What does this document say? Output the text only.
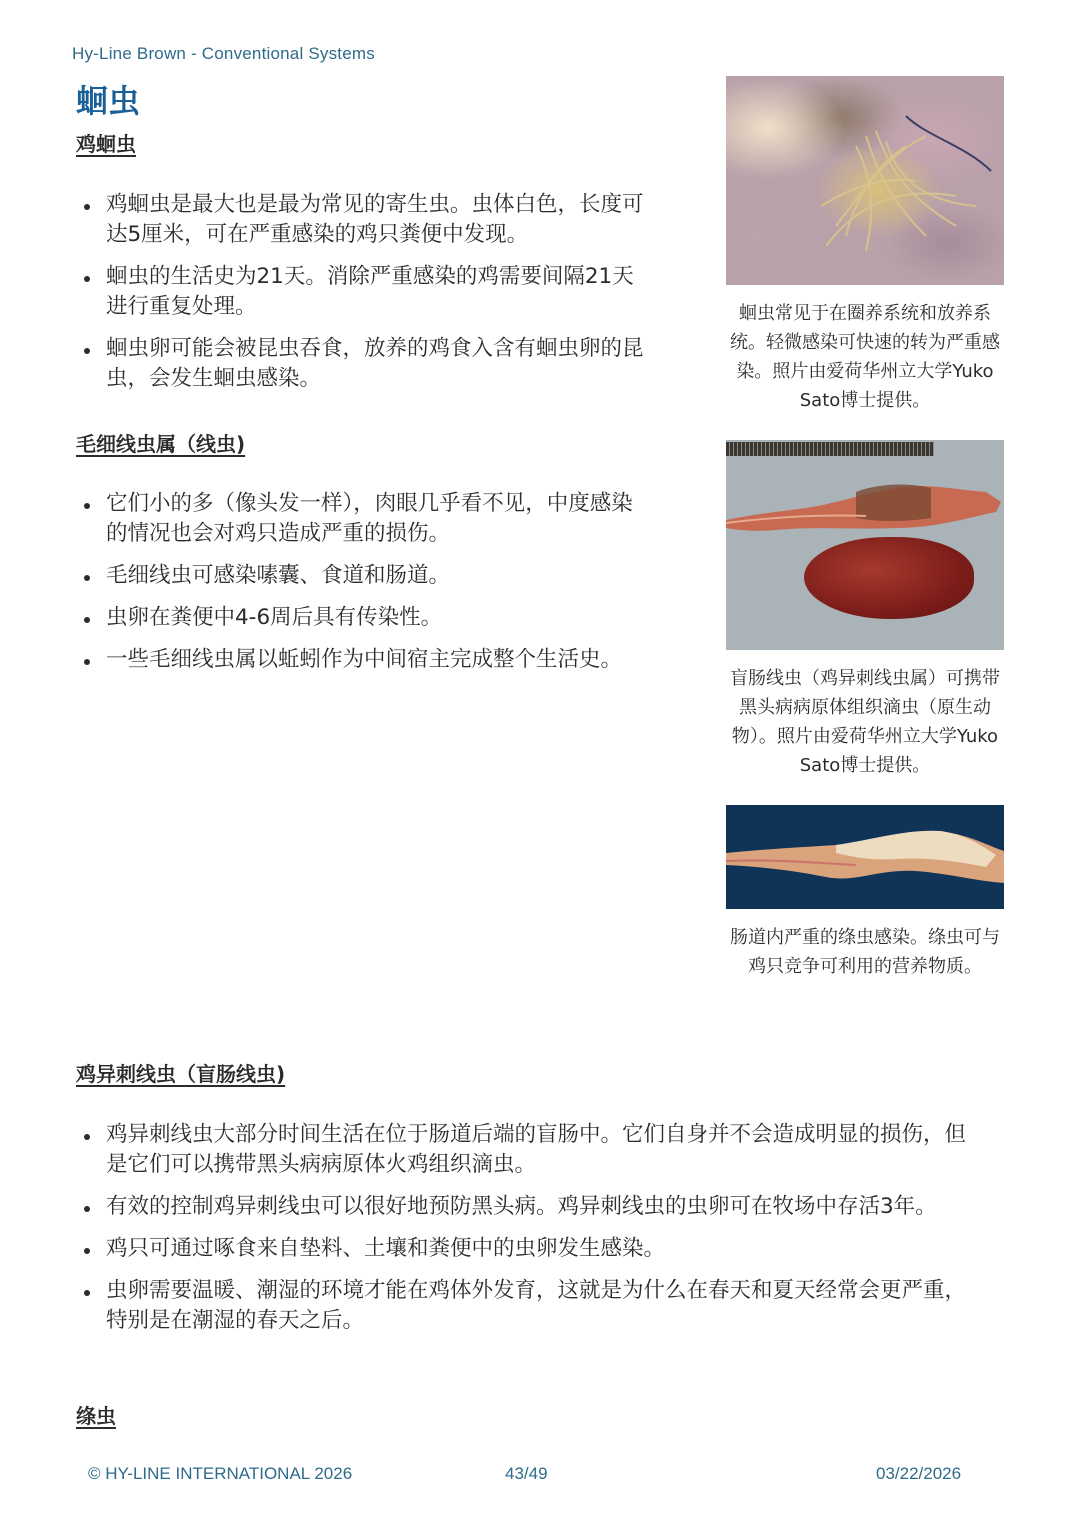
Hy-Line Brown - Conventional Systems
蛔虫
鸡蛔虫
鸡蛔虫是最大也是最为常见的寄生虫。虫体白色，长度可达5厘米，可在严重感染的鸡只粪便中发现。
蛔虫的生活史为21天。消除严重感染的鸡需要间隔21天进行重复处理。
蛔虫卵可能会被昆虫吞食，放养的鸡食入含有蛔虫卵的昆虫，会发生蛔虫感染。
毛细线虫属（线虫)
它们小的多（像头发一样），肉眼几乎看不见，中度感染的情况也会对鸡只造成严重的损伤。
毛细线虫可感染嗉囊、食道和肠道。
虫卵在粪便中4-6周后具有传染性。
一些毛细线虫属以蚯蚓作为中间宿主完成整个生活史。
蛔虫常见于在圈养系统和放养系统。轻微感染可快速的转为严重感染。照片由爱荷华州立大学Yuko Sato博士提供。
盲肠线虫（鸡异刺线虫属）可携带黑头病病原体组织滴虫（原生动物）。照片由爱荷华州立大学Yuko Sato博士提供。
肠道内严重的绦虫感染。绦虫可与鸡只竞争可利用的营养物质。
鸡异刺线虫（盲肠线虫)
鸡异刺线虫大部分时间生活在位于肠道后端的盲肠中。它们自身并不会造成明显的损伤，但是它们可以携带黑头病病原体火鸡组织滴虫。
有效的控制鸡异刺线虫可以很好地预防黑头病。鸡异刺线虫的虫卵可在牧场中存活3年。
鸡只可通过啄食来自垫料、土壤和粪便中的虫卵发生感染。
虫卵需要温暖、潮湿的环境才能在鸡体外发育，这就是为什么在春天和夏天经常会更严重，特别是在潮湿的春天之后。
绦虫
© HY-LINE INTERNATIONAL 2026	43/49	03/22/2026
